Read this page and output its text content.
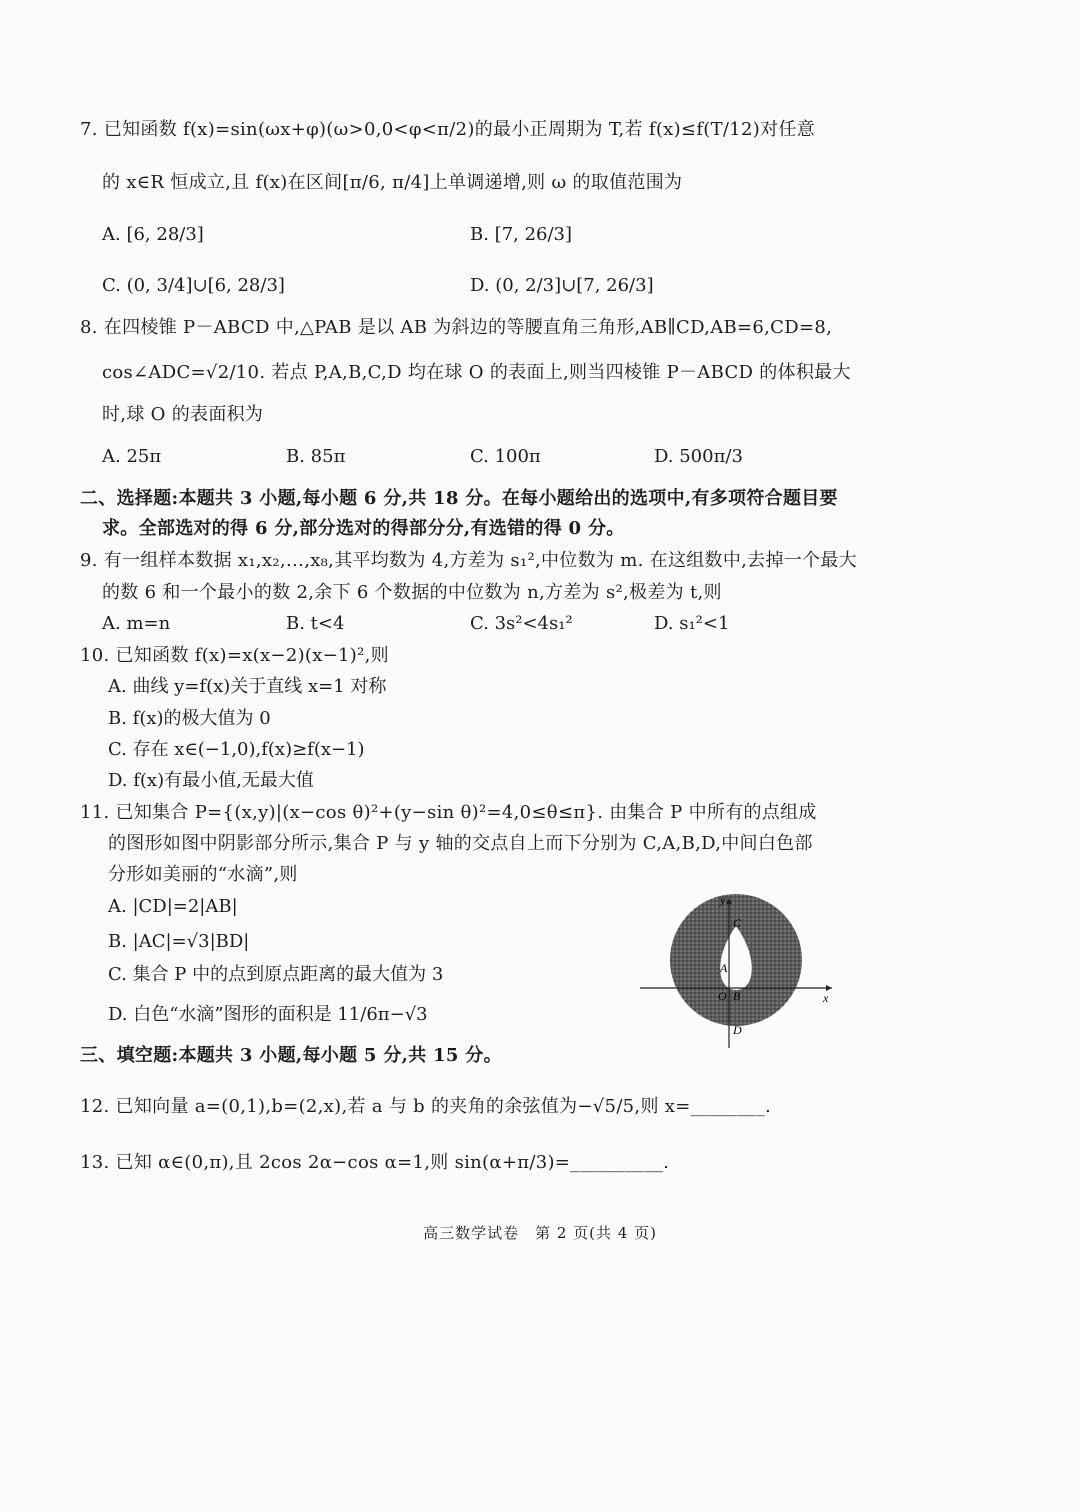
7. 已知函数 f(x)=sin(ωx+φ)(ω>0,0<φ<π/2)的最小正周期为 T,若 f(x)≤f(T/12)对任意
的 x∈R 恒成立,且 f(x)在区间[π/6, π/4]上单调递增,则 ω 的取值范围为
A. [6, 28/3]	B. [7, 26/3]
C. (0, 3/4]∪[6, 28/3]	D. (0, 2/3]∪[7, 26/3]
8. 在四棱锥 P－ABCD 中,△PAB 是以 AB 为斜边的等腰直角三角形,AB∥CD,AB=6,CD=8,
cos∠ADC=√2/10. 若点 P,A,B,C,D 均在球 O 的表面上,则当四棱锥 P－ABCD 的体积最大
时,球 O 的表面积为
A. 25π	B. 85π	C. 100π	D. 500π/3
二、选择题:本题共 3 小题,每小题 6 分,共 18 分。在每小题给出的选项中,有多项符合题目要
求。全部选对的得 6 分,部分选对的得部分分,有选错的得 0 分。
9. 有一组样本数据 x₁,x₂,…,x₈,其平均数为 4,方差为 s₁²,中位数为 m. 在这组数中,去掉一个最大
的数 6 和一个最小的数 2,余下 6 个数据的中位数为 n,方差为 s²,极差为 t,则
A. m=n	B. t<4	C. 3s²<4s₁²	D. s₁²<1
10. 已知函数 f(x)=x(x−2)(x−1)²,则
A. 曲线 y=f(x)关于直线 x=1 对称
B. f(x)的极大值为 0
C. 存在 x∈(−1,0),f(x)≥f(x−1)
D. f(x)有最小值,无最大值
11. 已知集合 P={(x,y)|(x−cos θ)²+(y−sin θ)²=4,0≤θ≤π}. 由集合 P 中所有的点组成
的图形如图中阴影部分所示,集合 P 与 y 轴的交点自上而下分别为 C,A,B,D,中间白色部
分形如美丽的“水滴”,则
A. |CD|=2|AB|
B. |AC|=√3|BD|
C. 集合 P 中的点到原点距离的最大值为 3
D. 白色“水滴”图形的面积是 11/6π−√3
y
x
C
A
O B
D
三、填空题:本题共 3 小题,每小题 5 分,共 15 分。
12. 已知向量 a=(0,1),b=(2,x),若 a 与 b 的夹角的余弦值为−√5/5,则 x=________.
13. 已知 α∈(0,π),且 2cos 2α−cos α=1,则 sin(α+π/3)=__________.
高三数学试卷　第 2 页(共 4 页)
